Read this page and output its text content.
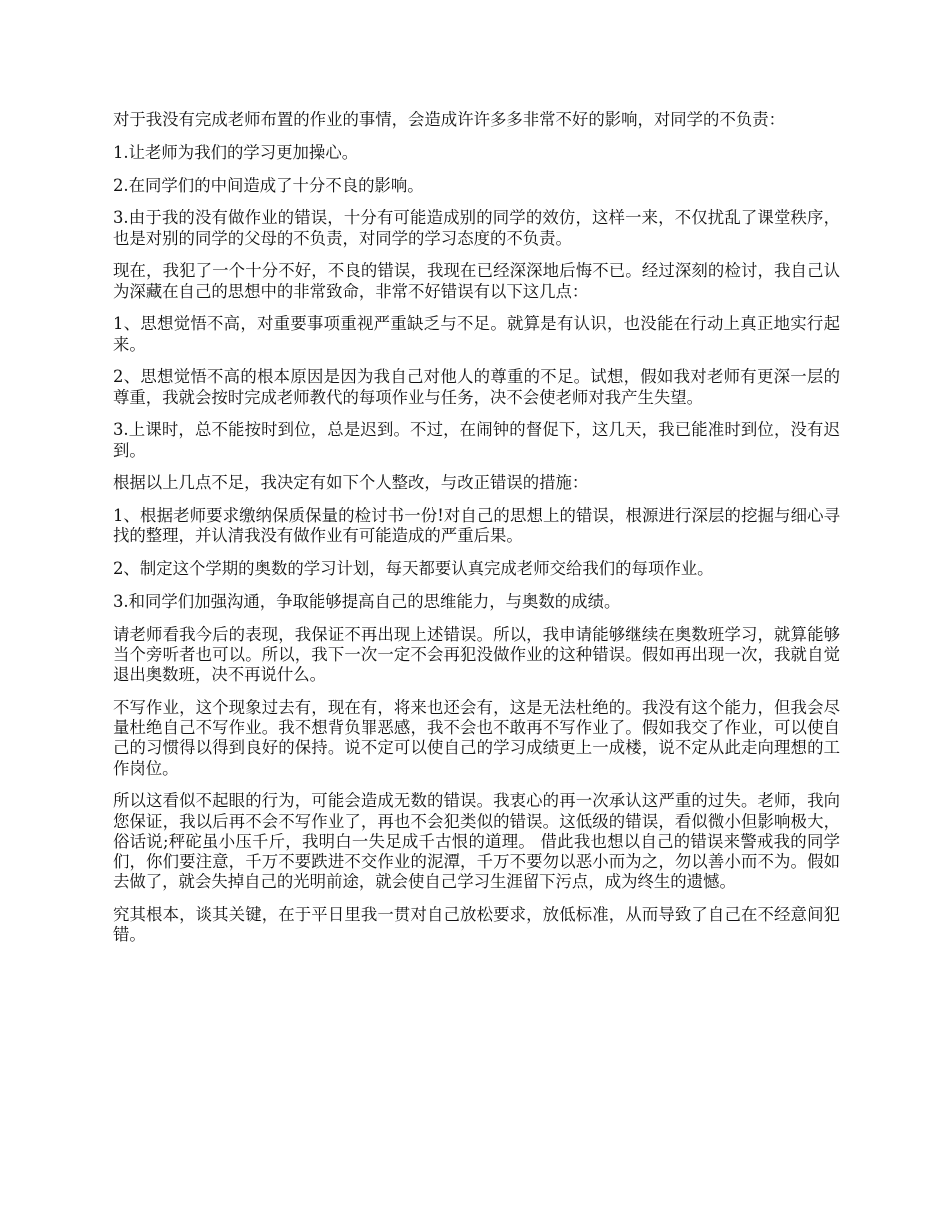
对于我没有完成老师布置的作业的事情，会造成许许多多非常不好的影响，对同学的不负责：

1.让老师为我们的学习更加操心。

2.在同学们的中间造成了十分不良的影响。

3.由于我的没有做作业的错误，十分有可能造成别的同学的效仿，这样一来，不仅扰乱了课堂秩序，也是对别的同学的父母的不负责，对同学的学习态度的不负责。

现在，我犯了一个十分不好，不良的错误，我现在已经深深地后悔不已。经过深刻的检讨，我自己认为深藏在自己的思想中的非常致命，非常不好错误有以下这几点：

1、思想觉悟不高，对重要事项重视严重缺乏与不足。就算是有认识，也没能在行动上真正地实行起来。

2、思想觉悟不高的根本原因是因为我自己对他人的尊重的不足。试想，假如我对老师有更深一层的尊重，我就会按时完成老师教代的每项作业与任务，决不会使老师对我产生失望。

3.上课时，总不能按时到位，总是迟到。不过，在闹钟的督促下，这几天，我已能准时到位，没有迟到。

根据以上几点不足，我决定有如下个人整改，与改正错误的措施：

1、根据老师要求缴纳保质保量的检讨书一份!对自己的思想上的错误，根源进行深层的挖掘与细心寻找的整理，并认清我没有做作业有可能造成的严重后果。

2、制定这个学期的奥数的学习计划，每天都要认真完成老师交给我们的每项作业。

3.和同学们加强沟通，争取能够提高自己的思维能力，与奥数的成绩。

请老师看我今后的表现，我保证不再出现上述错误。所以，我申请能够继续在奥数班学习，就算能够当个旁听者也可以。所以，我下一次一定不会再犯没做作业的这种错误。假如再出现一次，我就自觉退出奥数班，决不再说什么。

不写作业，这个现象过去有，现在有，将来也还会有，这是无法杜绝的。我没有这个能力，但我会尽量杜绝自己不写作业。我不想背负罪恶感，我不会也不敢再不写作业了。假如我交了作业，可以使自己的习惯得以得到良好的保持。说不定可以使自己的学习成绩更上一成楼，说不定从此走向理想的工作岗位。

所以这看似不起眼的行为，可能会造成无数的错误。我衷心的再一次承认这严重的过失。老师，我向您保证，我以后再不会不写作业了，再也不会犯类似的错误。这低级的错误，看似微小但影响极大，俗话说;秤砣虽小压千斤，我明白一失足成千古恨的道理。 借此我也想以自己的错误来警戒我的同学们，你们要注意，千万不要跌进不交作业的泥潭，千万不要勿以恶小而为之，勿以善小而不为。假如去做了，就会失掉自己的光明前途，就会使自己学习生涯留下污点，成为终生的遗憾。

究其根本，谈其关键，在于平日里我一贯对自己放松要求，放低标准，从而导致了自己在不经意间犯错。
